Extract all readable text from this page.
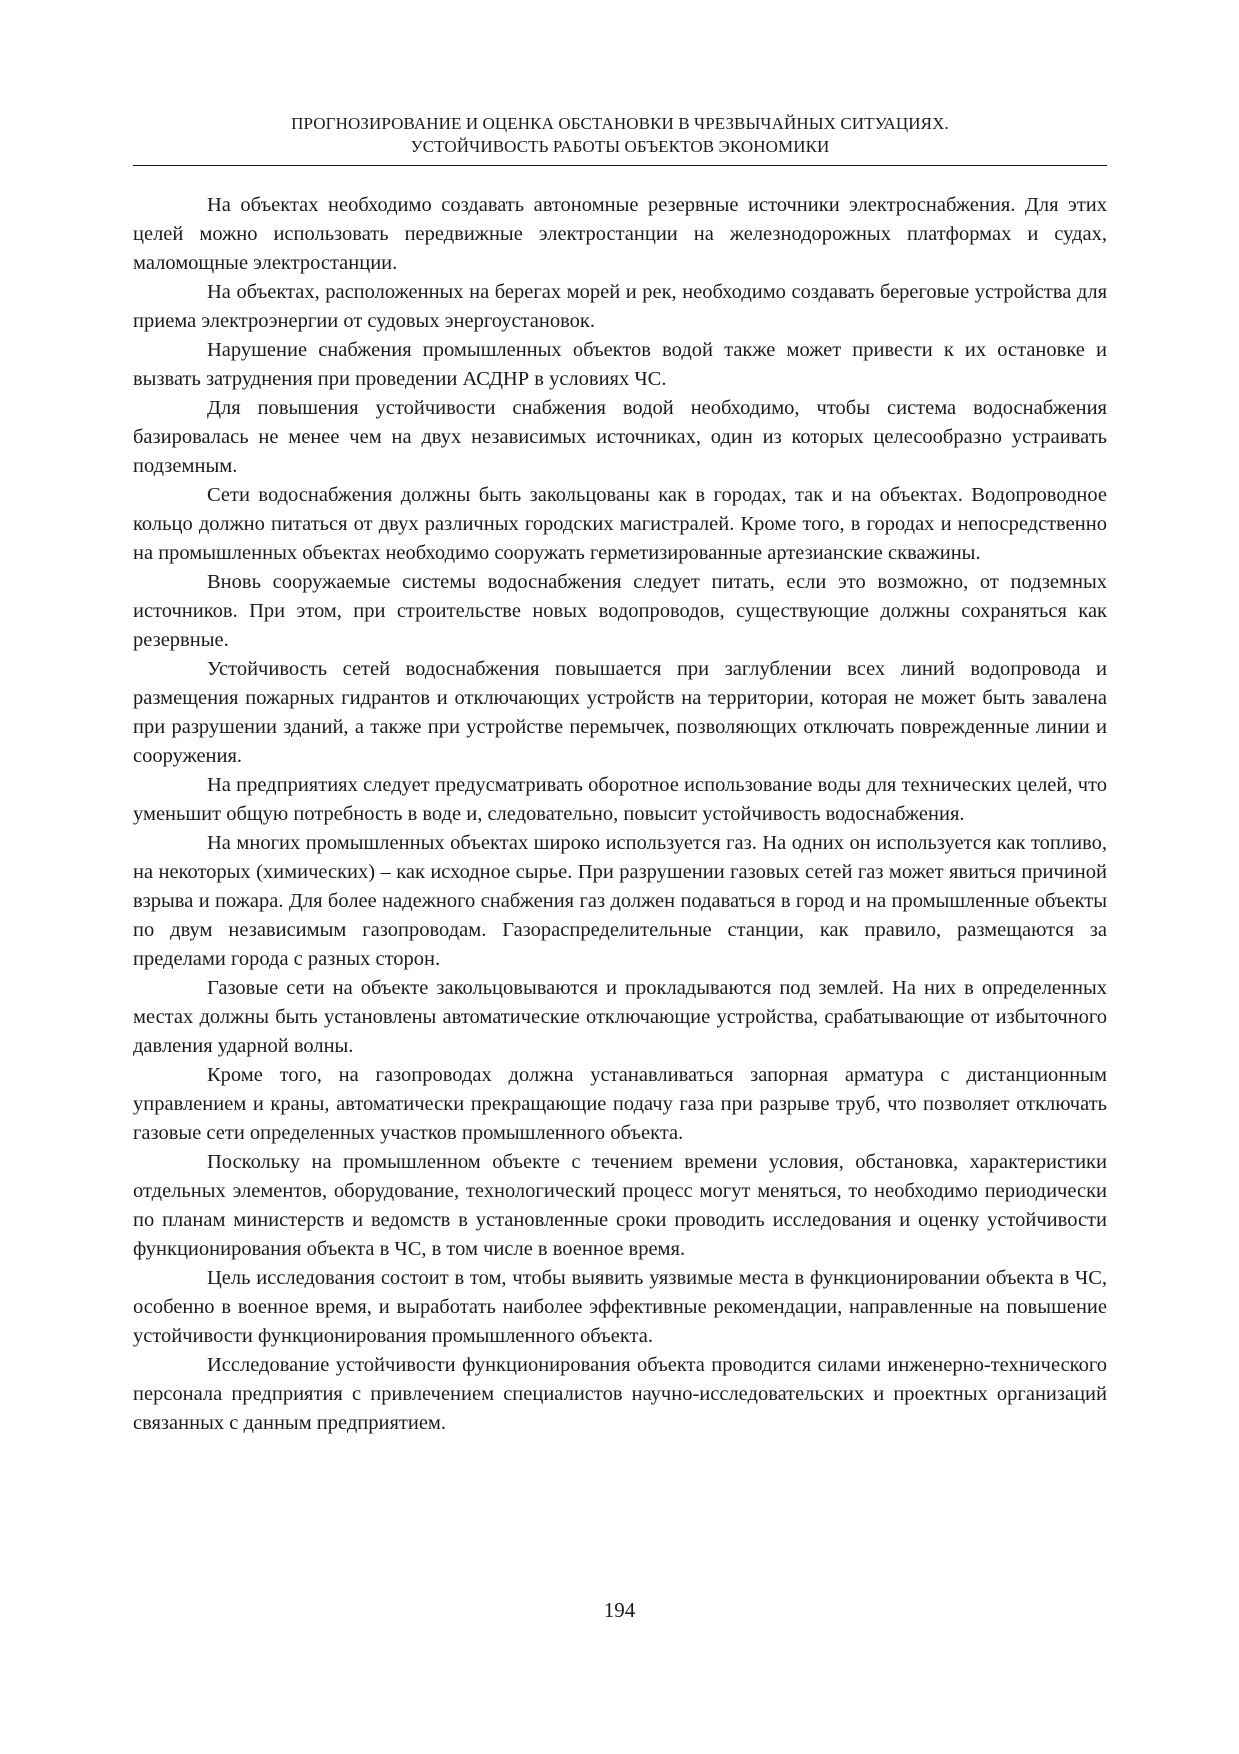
ПРОГНОЗИРОВАНИЕ И ОЦЕНКА ОБСТАНОВКИ В ЧРЕЗВЫЧАЙНЫХ СИТУАЦИЯХ.
УСТОЙЧИВОСТЬ РАБОТЫ ОБЪЕКТОВ ЭКОНОМИКИ

На объектах необходимо создавать автономные резервные источники электроснабжения. Для этих целей можно использовать передвижные электростанции на железнодорожных платформах и судах, маломощные электростанции.

На объектах, расположенных на берегах морей и рек, необходимо создавать береговые устройства для приема электроэнергии от судовых энергоустановок.

Нарушение снабжения промышленных объектов водой также может привести к их остановке и вызвать затруднения при проведении АСДНР в условиях ЧС.

Для повышения устойчивости снабжения водой необходимо, чтобы система водоснабжения базировалась не менее чем на двух независимых источниках, один из которых целесообразно устраивать подземным.

Сети водоснабжения должны быть закольцованы как в городах, так и на объектах. Водопроводное кольцо должно питаться от двух различных городских магистралей. Кроме того, в городах и непосредственно на промышленных объектах необходимо сооружать герметизированные артезианские скважины.

Вновь сооружаемые системы водоснабжения следует питать, если это возможно, от подземных источников. При этом, при строительстве новых водопроводов, существующие должны сохраняться как резервные.

Устойчивость сетей водоснабжения повышается при заглублении всех линий водопровода и размещения пожарных гидрантов и отключающих устройств на территории, которая не может быть завалена при разрушении зданий, а также при устройстве перемычек, позволяющих отключать поврежденные линии и сооружения.

На предприятиях следует предусматривать оборотное использование воды для технических целей, что уменьшит общую потребность в воде и, следовательно, повысит устойчивость водоснабжения.

На многих промышленных объектах широко используется газ. На одних он используется как топливо, на некоторых (химических) – как исходное сырье. При разрушении газовых сетей газ может явиться причиной взрыва и пожара. Для более надежного снабжения газ должен подаваться в город и на промышленные объекты по двум независимым газопроводам. Газораспределительные станции, как правило, размещаются за пределами города с разных сторон.

Газовые сети на объекте закольцовываются и прокладываются под землей. На них в определенных местах должны быть установлены автоматические отключающие устройства, срабатывающие от избыточного давления ударной волны.

Кроме того, на газопроводах должна устанавливаться запорная арматура с дистанционным управлением и краны, автоматически прекращающие подачу газа при разрыве труб, что позволяет отключать газовые сети определенных участков промышленного объекта.

Поскольку на промышленном объекте с течением времени условия, обстановка, характеристики отдельных элементов, оборудование, технологический процесс могут меняться, то необходимо периодически по планам министерств и ведомств в установленные сроки проводить исследования и оценку устойчивости функционирования объекта в ЧС, в том числе в военное время.

Цель исследования состоит в том, чтобы выявить уязвимые места в функционировании объекта в ЧС, особенно в военное время, и выработать наиболее эффективные рекомендации, направленные на повышение устойчивости функционирования промышленного объекта.

Исследование устойчивости функционирования объекта проводится силами инженерно-технического персонала предприятия с привлечением специалистов научно-исследовательских и проектных организаций связанных с данным предприятием.

194
